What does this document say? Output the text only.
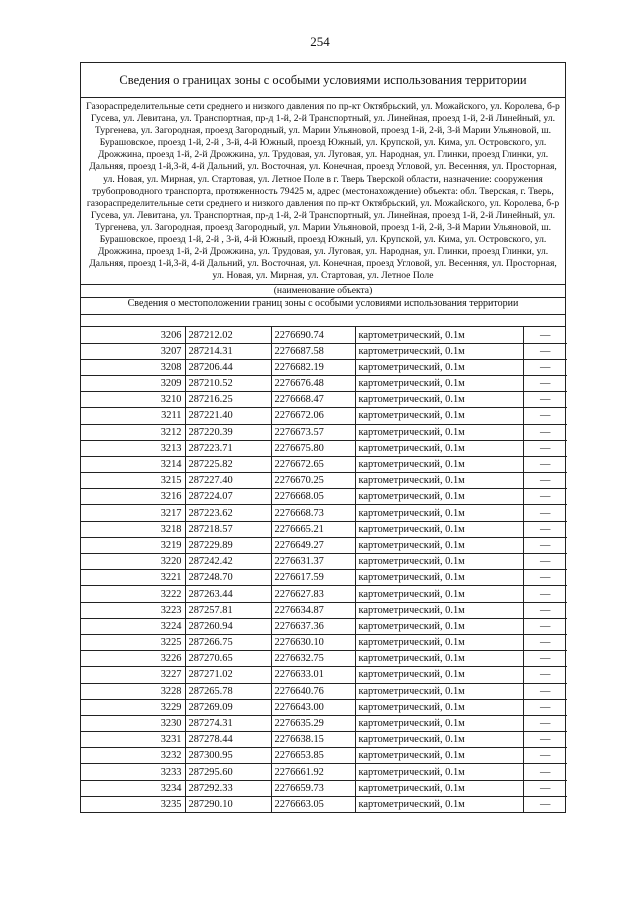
254
Сведения о границах зоны с особыми условиями использования территории
Газораспределительные сети среднего и низкого давления по пр-кт Октябрьский, ул. Можайского, ул. Королева, б-р Гусева, ул. Левитана, ул. Транспортная, пр-д 1-й, 2-й Транспортный, ул. Линейная, проезд 1-й, 2-й Линейный, ул. Тургенева, ул. Загородная, проезд Загородный, ул. Марии Ульяновой, проезд 1-й, 2-й, 3-й Марии Ульяновой, ш. Бурашовское, проезд 1-й, 2-й , 3-й, 4-й Южный, проезд Южный, ул. Крупской, ул. Кима, ул. Островского, ул. Дрожжина, проезд 1-й, 2-й Дрожжина, ул. Трудовая, ул. Луговая, ул. Народная, ул. Глинки, проезд Глинки, ул. Дальняя, проезд 1-й,3-й, 4-й Дальний, ул. Восточная, ул. Конечная, проезд Угловой, ул. Весенняя, ул. Просторная, ул. Новая, ул. Мирная, ул. Стартовая, ул. Летное Поле в г. Тверь Тверской области, назначение: сооружения трубопроводного транспорта, протяженность 79425 м, адрес (местонахождение) объекта: обл. Тверская, г. Тверь, газораспределительные сети среднего и низкого давления по пр-кт Октябрьский, ул. Можайского, ул. Королева, б-р Гусева, ул. Левитана, ул. Транспортная, пр-д 1-й, 2-й Транспортный, ул. Линейная, проезд 1-й, 2-й Линейный, ул. Тургенева, ул. Загородная, проезд Загородный, ул. Марии Ульяновой, проезд 1-й, 2-й, 3-й Марии Ульяновой, ш. Бурашовское, проезд 1-й, 2-й , 3-й, 4-й Южный, проезд Южный, ул. Крупской, ул. Кима, ул. Островского, ул. Дрожжина, проезд 1-й, 2-й Дрожжина, ул. Трудовая, ул. Луговая, ул. Народная, ул. Глинки, проезд Глинки, ул. Дальняя, проезд 1-й,3-й, 4-й Дальний, ул. Восточная, ул. Конечная, проезд Угловой, ул. Весенняя, ул. Просторная, ул. Новая, ул. Мирная, ул. Стартовая, ул. Летное Поле
(наименование объекта)
Сведения о местоположении границ зоны с особыми условиями использования территории
3206	287212.02	2276690.74	картометрический, 0.1м	—
3207	287214.31	2276687.58	картометрический, 0.1м	—
3208	287206.44	2276682.19	картометрический, 0.1м	—
3209	287210.52	2276676.48	картометрический, 0.1м	—
3210	287216.25	2276668.47	картометрический, 0.1м	—
3211	287221.40	2276672.06	картометрический, 0.1м	—
3212	287220.39	2276673.57	картометрический, 0.1м	—
3213	287223.71	2276675.80	картометрический, 0.1м	—
3214	287225.82	2276672.65	картометрический, 0.1м	—
3215	287227.40	2276670.25	картометрический, 0.1м	—
3216	287224.07	2276668.05	картометрический, 0.1м	—
3217	287223.62	2276668.73	картометрический, 0.1м	—
3218	287218.57	2276665.21	картометрический, 0.1м	—
3219	287229.89	2276649.27	картометрический, 0.1м	—
3220	287242.42	2276631.37	картометрический, 0.1м	—
3221	287248.70	2276617.59	картометрический, 0.1м	—
3222	287263.44	2276627.83	картометрический, 0.1м	—
3223	287257.81	2276634.87	картометрический, 0.1м	—
3224	287260.94	2276637.36	картометрический, 0.1м	—
3225	287266.75	2276630.10	картометрический, 0.1м	—
3226	287270.65	2276632.75	картометрический, 0.1м	—
3227	287271.02	2276633.01	картометрический, 0.1м	—
3228	287265.78	2276640.76	картометрический, 0.1м	—
3229	287269.09	2276643.00	картометрический, 0.1м	—
3230	287274.31	2276635.29	картометрический, 0.1м	—
3231	287278.44	2276638.15	картометрический, 0.1м	—
3232	287300.95	2276653.85	картометрический, 0.1м	—
3233	287295.60	2276661.92	картометрический, 0.1м	—
3234	287292.33	2276659.73	картометрический, 0.1м	—
3235	287290.10	2276663.05	картометрический, 0.1м	—
